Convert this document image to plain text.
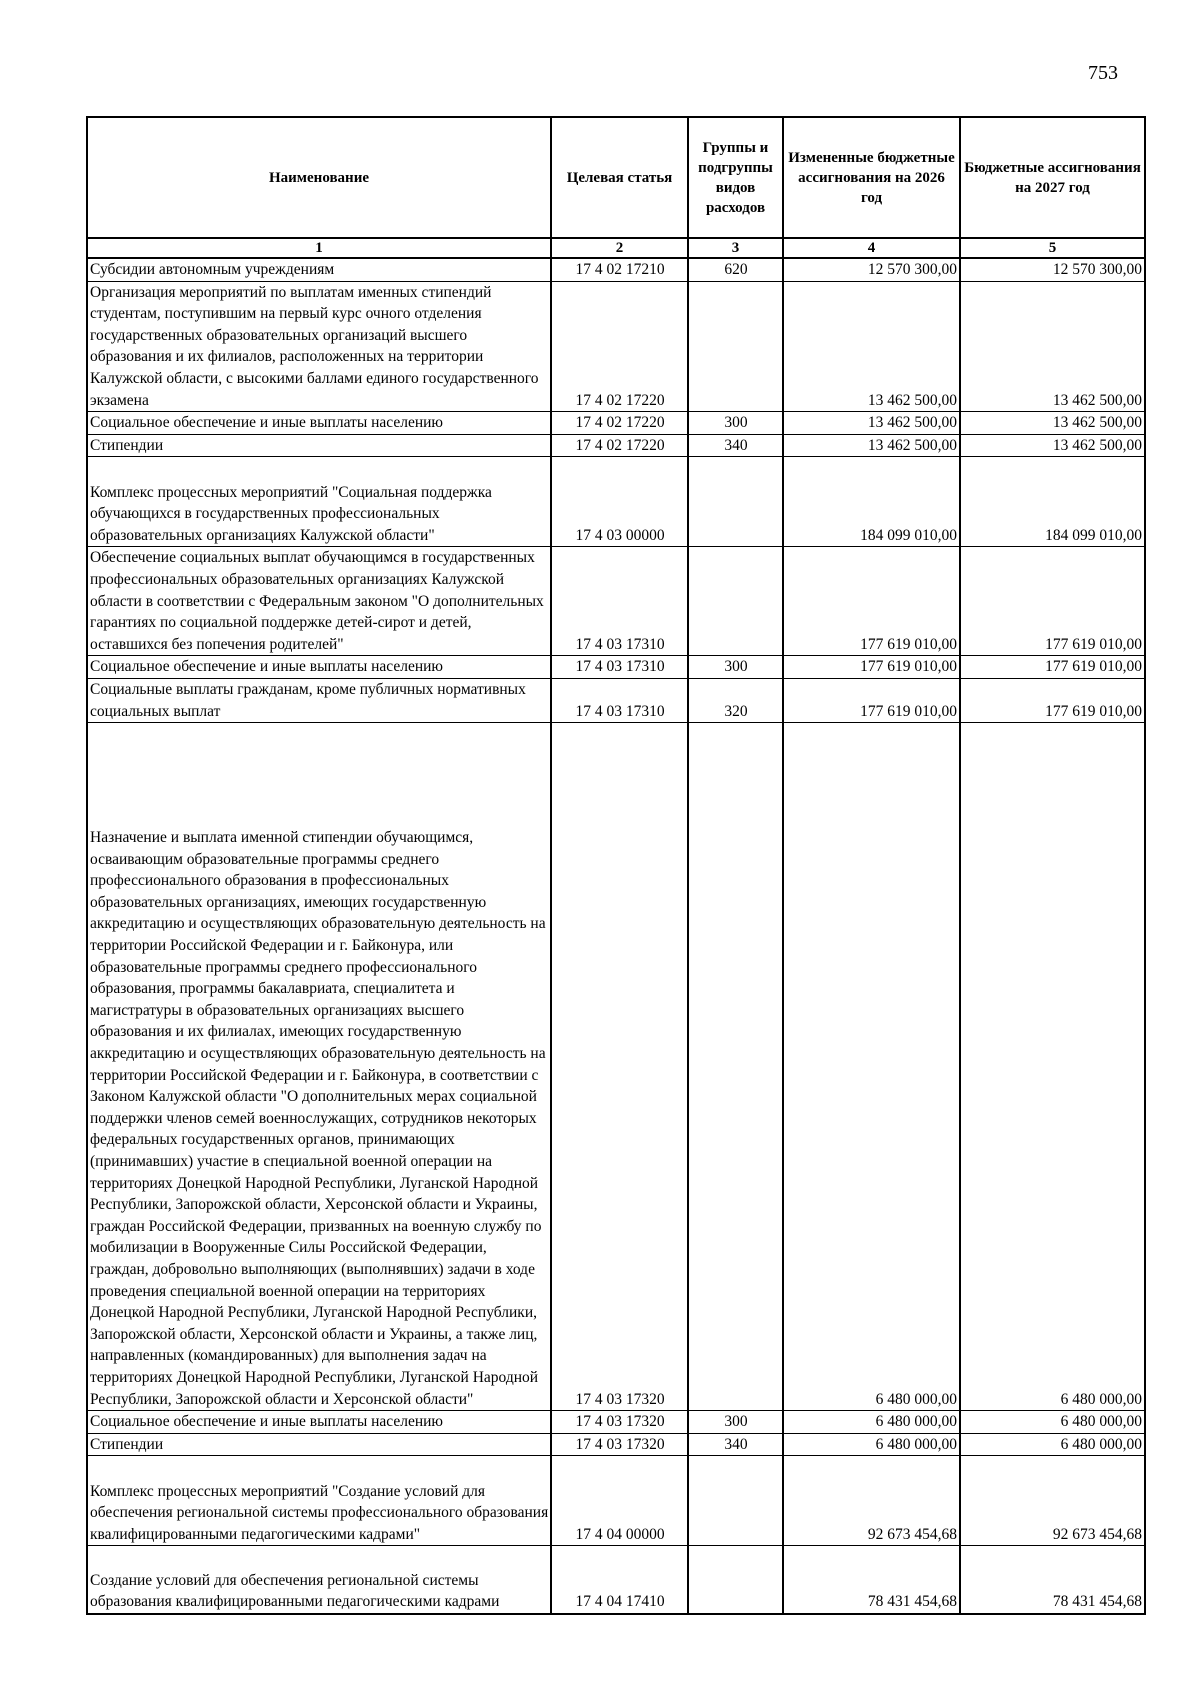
753
Наименование	Целевая статья	Группы и подгруппы видов расходов	Измененные бюджетные ассигнования на 2026 год	Бюджетные ассигнования на 2027 год
1	2	3	4	5
Субсидии автономным учреждениям	17 4 02 17210	620	12 570 300,00	12 570 300,00
Организация мероприятий по выплатам именных стипендий студентам, поступившим на первый курс очного отделения государственных образовательных организаций высшего образования и их филиалов, расположенных на территории Калужской области, с высокими баллами единого государственного экзамена	17 4 02 17220		13 462 500,00	13 462 500,00
Социальное обеспечение и иные выплаты населению	17 4 02 17220	300	13 462 500,00	13 462 500,00
Стипендии	17 4 02 17220	340	13 462 500,00	13 462 500,00
Комплекс процессных мероприятий "Социальная поддержка обучающихся в государственных профессиональных образовательных организациях Калужской области"	17 4 03 00000		184 099 010,00	184 099 010,00
Обеспечение социальных выплат обучающимся в государственных профессиональных образовательных организациях Калужской области в соответствии с Федеральным законом "О дополнительных гарантиях по социальной поддержке детей-сирот и детей, оставшихся без попечения родителей"	17 4 03 17310		177 619 010,00	177 619 010,00
Социальное обеспечение и иные выплаты населению	17 4 03 17310	300	177 619 010,00	177 619 010,00
Социальные выплаты гражданам, кроме публичных нормативных социальных выплат	17 4 03 17310	320	177 619 010,00	177 619 010,00
Назначение и выплата именной стипендии обучающимся, осваивающим образовательные программы среднего профессионального образования в профессиональных образовательных организациях, имеющих государственную аккредитацию и осуществляющих образовательную деятельность на территории Российской Федерации и г. Байконура, или образовательные программы среднего профессионального образования, программы бакалавриата, специалитета и магистратуры в образовательных организациях высшего образования и их филиалах, имеющих государственную аккредитацию и осуществляющих образовательную деятельность на территории Российской Федерации и г. Байконура, в соответствии с Законом Калужской области "О дополнительных мерах социальной поддержки членов семей военнослужащих, сотрудников некоторых федеральных государственных органов, принимающих (принимавших) участие в специальной военной операции на территориях Донецкой Народной Республики, Луганской Народной Республики, Запорожской области, Херсонской области и Украины, граждан Российской Федерации, призванных на военную службу по мобилизации в Вооруженные Силы Российской Федерации, граждан, добровольно выполняющих (выполнявших) задачи в ходе проведения специальной военной операции на территориях Донецкой Народной Республики, Луганской Народной Республики, Запорожской области, Херсонской области и Украины, а также лиц, направленных (командированных) для выполнения задач на территориях Донецкой Народной Республики, Луганской Народной Республики, Запорожской области и Херсонской области"	17 4 03 17320		6 480 000,00	6 480 000,00
Социальное обеспечение и иные выплаты населению	17 4 03 17320	300	6 480 000,00	6 480 000,00
Стипендии	17 4 03 17320	340	6 480 000,00	6 480 000,00
Комплекс процессных мероприятий "Создание условий для обеспечения региональной системы профессионального образования квалифицированными педагогическими кадрами"	17 4 04 00000		92 673 454,68	92 673 454,68
Создание условий для обеспечения региональной системы образования квалифицированными педагогическими кадрами	17 4 04 17410		78 431 454,68	78 431 454,68
